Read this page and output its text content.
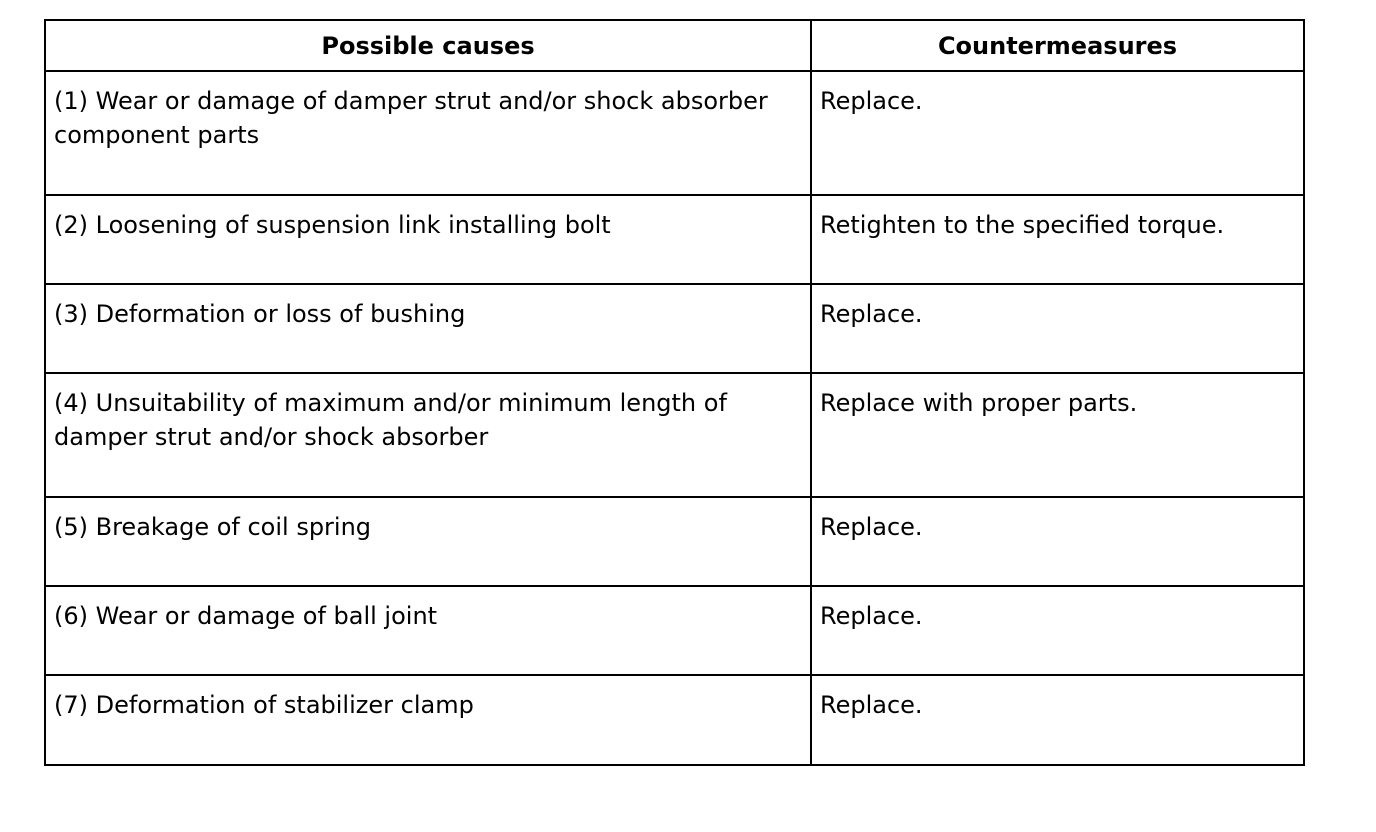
Possible causes	Countermeasures
(1) Wear or damage of damper strut and/or shock absorber component parts	Replace.
(2) Loosening of suspension link installing bolt	Retighten to the specified torque.
(3) Deformation or loss of bushing	Replace.
(4) Unsuitability of maximum and/or minimum length of damper strut and/or shock absorber	Replace with proper parts.
(5) Breakage of coil spring	Replace.
(6) Wear or damage of ball joint	Replace.
(7) Deformation of stabilizer clamp	Replace.
